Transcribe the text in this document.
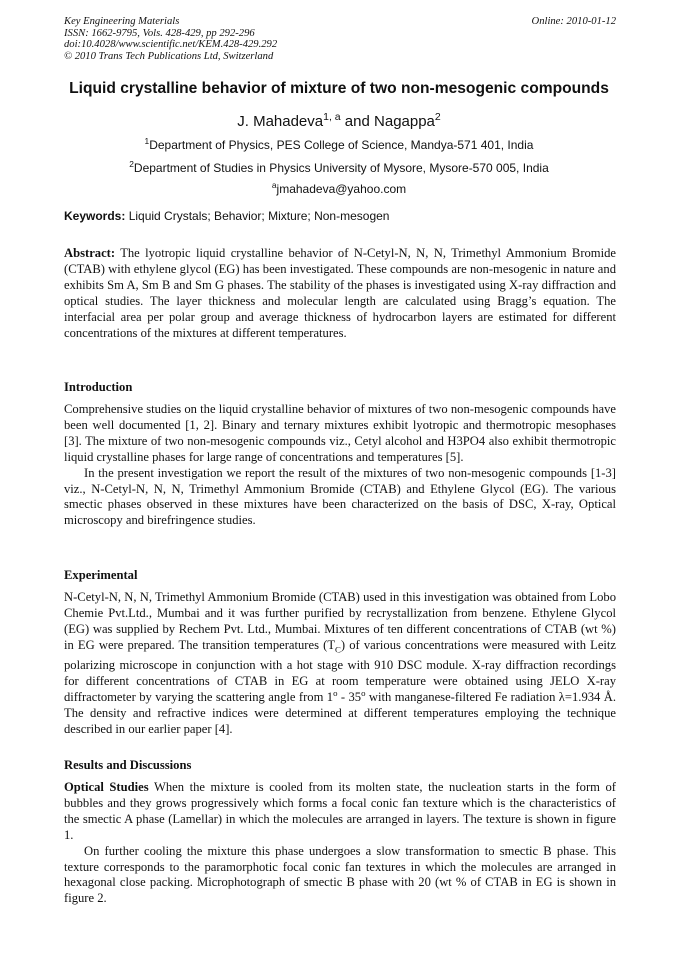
Key Engineering Materials
ISSN: 1662-9795, Vols. 428-429, pp 292-296
doi:10.4028/www.scientific.net/KEM.428-429.292
© 2010 Trans Tech Publications Ltd, Switzerland
Online: 2010-01-12
Liquid crystalline behavior of mixture of two non-mesogenic compounds
J. Mahadeva$^{1, a}$ and Nagappa$^2$
$^1$Department of Physics, PES College of Science, Mandya-571 401, India
$^2$Department of Studies in Physics University of Mysore, Mysore-570 005, India
$^a$jmahadeva@yahoo.com
Keywords: Liquid Crystals; Behavior; Mixture; Non-mesogen

Abstract: The lyotropic liquid crystalline behavior of N-Cetyl-N, N, N, Trimethyl Ammonium Bromide (CTAB) with ethylene glycol (EG) has been investigated. These compounds are non-mesogenic in nature and exhibits Sm A, Sm B and Sm G phases. The stability of the phases is investigated using X-ray diffraction and optical studies. The layer thickness and molecular length are calculated using Bragg’s equation. The interfacial area per polar group and average thickness of hydrocarbon layers are estimated for different concentrations of the mixtures at different temperatures.

Introduction

Comprehensive studies on the liquid crystalline behavior of mixtures of two non-mesogenic compounds have been well documented [1, 2]. Binary and ternary mixtures exhibit lyotropic and thermotropic mesophases [3]. The mixture of two non-mesogenic compounds viz., Cetyl alcohol and H3PO4 also exhibit thermotropic liquid crystalline phases for large range of concentrations and temperatures [5].

In the present investigation we report the result of the mixtures of two non-mesogenic compounds [1-3] viz., N-Cetyl-N, N, N, Trimethyl Ammonium Bromide (CTAB) and Ethylene Glycol (EG). The various smectic phases observed in these mixtures have been characterized on the basis of DSC, X-ray, Optical microscopy and birefringence studies.

Experimental

N-Cetyl-N, N, N, Trimethyl Ammonium Bromide (CTAB) used in this investigation was obtained from Lobo Chemie Pvt.Ltd., Mumbai and it was further purified by recrystallization from benzene. Ethylene Glycol (EG) was supplied by Rechem Pvt. Ltd., Mumbai. Mixtures of ten different concentrations of CTAB (wt %) in EG were prepared. The transition temperatures $(T_C)$ of various concentrations were measured with Leitz polarizing microscope in conjunction with a hot stage with 910 DSC module. X-ray diffraction recordings for different concentrations of CTAB in EG at room temperature were obtained using JELO X-ray diffractometer by varying the scattering angle from 1$^o$ - 35$^o$ with manganese-filtered Fe radiation λ=1.934 Å. The density and refractive indices were determined at different temperatures employing the technique described in our earlier paper [4].

Results and Discussions

Optical Studies When the mixture is cooled from its molten state, the nucleation starts in the form of bubbles and they grows progressively which forms a focal conic fan texture which is the characteristics of the smectic A phase (Lamellar) in which the molecules are arranged in layers. The texture is shown in figure 1.

On further cooling the mixture this phase undergoes a slow transformation to smectic B phase. This texture corresponds to the paramorphotic focal conic fan textures in which the molecules are arranged in hexagonal close packing. Microphotograph of smectic B phase with 20 (wt % of CTAB in EG is shown in figure 2.
